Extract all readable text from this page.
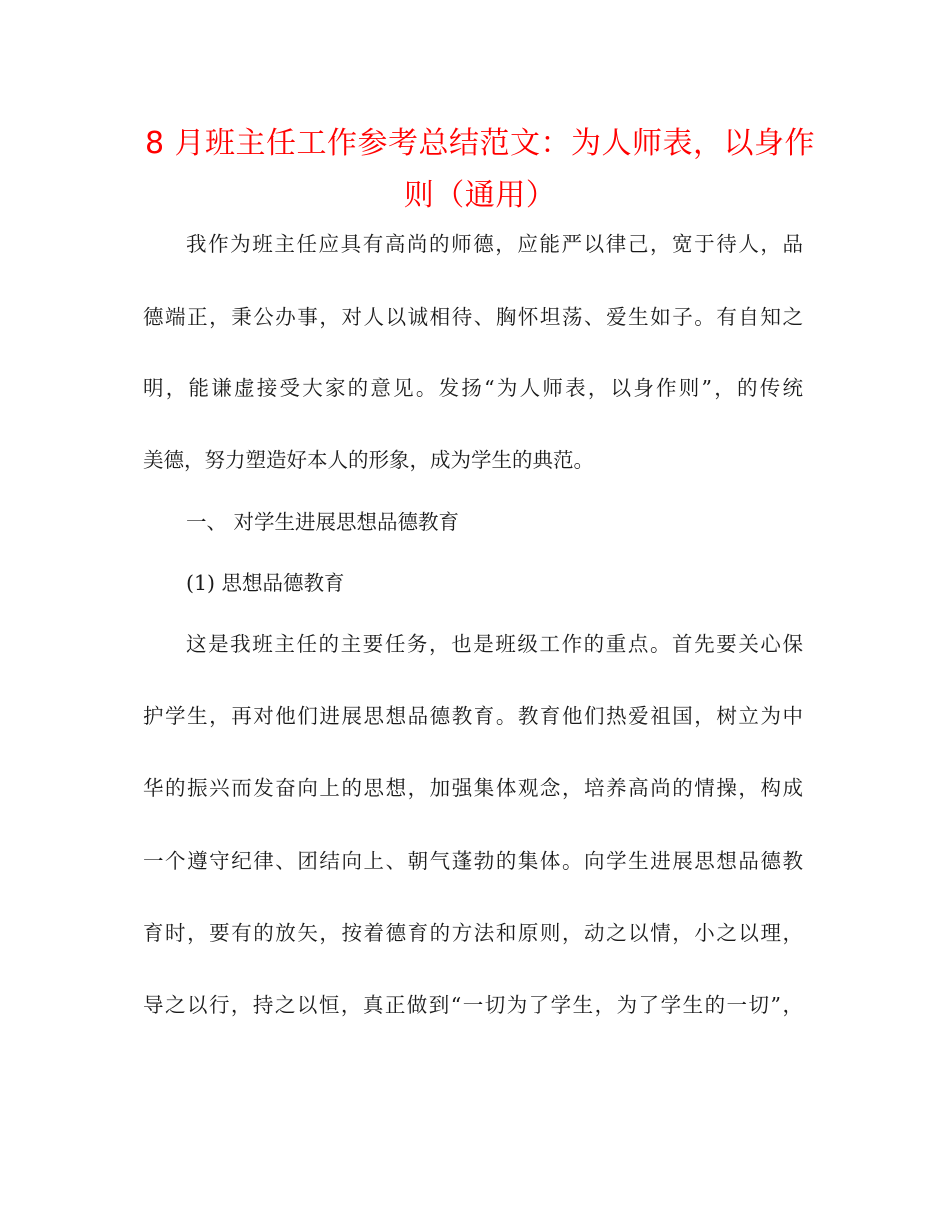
8 月班主任工作参考总结范文：为人师表，以身作则（通用）
我作为班主任应具有高尚的师德，应能严以律己，宽于待人，品
德端正，秉公办事，对人以诚相待、胸怀坦荡、爱生如子。有自知之
明，能谦虚接受大家的意见。发扬“为人师表，以身作则”，的传统
美德，努力塑造好本人的形象，成为学生的典范。
一、 对学生进展思想品德教育
(1) 思想品德教育
这是我班主任的主要任务，也是班级工作的重点。首先要关心保
护学生，再对他们进展思想品德教育。教育他们热爱祖国，树立为中
华的振兴而发奋向上的思想，加强集体观念，培养高尚的情操，构成
一个遵守纪律、团结向上、朝气蓬勃的集体。向学生进展思想品德教
育时，要有的放矢，按着德育的方法和原则，动之以情，小之以理，
导之以行，持之以恒，真正做到“一切为了学生，为了学生的一切”，
